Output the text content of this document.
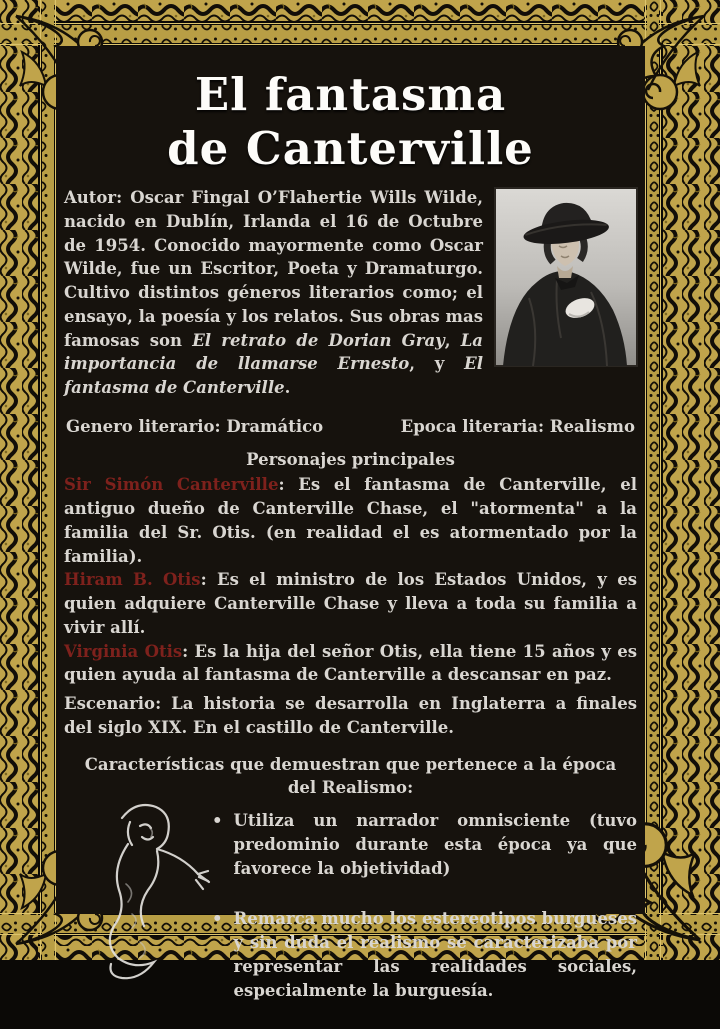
El fantasma
de Canterville

Autor: Oscar Fingal O’Flahertie Wills Wilde, nacido en Dublín, Irlanda el 16 de Octubre de 1954. Conocido mayormente como Oscar Wilde, fue un Escritor, Poeta y Dramaturgo. Cultivo distintos géneros literarios como; el ensayo, la poesía y los relatos. Sus obras mas famosas son El retrato de Dorian Gray, La importancia de llamarse Ernesto, y El fantasma de Canterville.

Genero literario: Dramático	Epoca literaria: Realismo
Personajes principales

Sir Simón Canterville: Es el fantasma de Canterville, el antiguo dueño de Canterville Chase, el "atormenta" a la familia del Sr. Otis. (en realidad el es atormentado por la familia).

Hiram B. Otis: Es el ministro de los Estados Unidos, y es quien adquiere Canterville Chase y lleva a toda su familia a vivir allí.

Virginia Otis: Es la hija del señor Otis, ella tiene 15 años y es quien ayuda al fantasma de Canterville a descansar en paz.

Escenario: La historia se desarrolla en Inglaterra a finales del siglo XIX. En el castillo de Canterville.

Características que demuestran que pertenece a la época del Realismo:
• Utiliza un narrador omnisciente (tuvo predominio durante esta época ya que favorece la objetividad)
• Remarca mucho los estereotipos burgueses y sin duda el realismo se caracterizaba por representar las realidades sociales, especialmente la burguesía.
